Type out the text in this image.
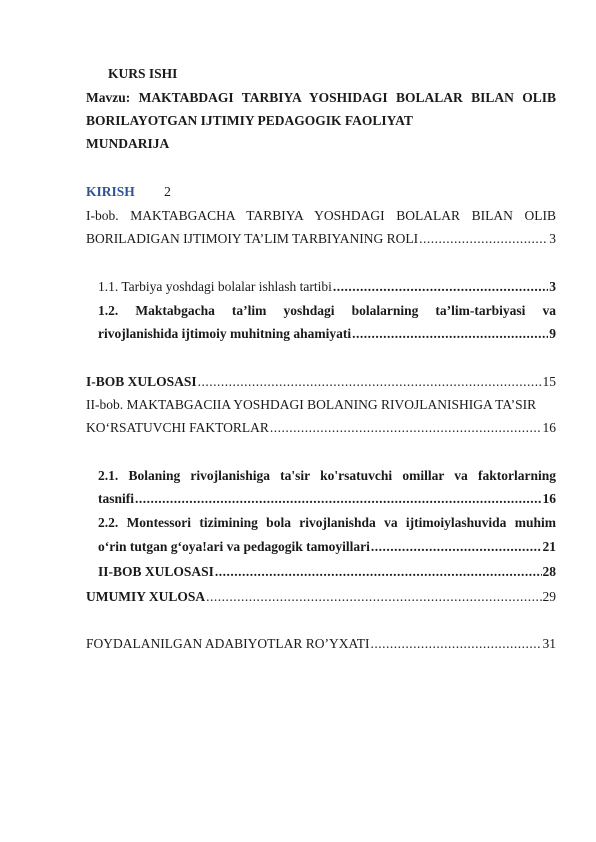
KURS ISHI
Mavzu: MAKTABDAGI TARBIYA YOSHIDAGI BOLALAR BILAN OLIB
BORILAYOTGAN IJTIMIY PEDAGOGIK FAOLIYAT
MUNDARIJA
KIRISH 2
I-bob. MAKTABGACHA TARBIYA YOSHDAGI BOLALAR BILAN OLIB
BORILADIGAN IJTIMOIY TA’LIM TARBIYANING ROLI .....	3
1.1. Tarbiya yoshdagi bolalar ishlash tartibi .....	3
1.2. Maktabgacha ta’lim yoshdagi bolalarning ta’lim-tarbiyasi va
rivojlanishida ijtimoiy muhitning ahamiyati .....	9
I-BOB XULOSASI .....	15
II-bob. MAKTABGACIIA YOSHDAGI BOLANING RIVOJLANISHIGA TA’SIR
KO‘RSATUVCHI FAKTORLAR .....	16
2.1. Bolaning rivojlanishiga ta'sir ko'rsatuvchi omillar va faktorlarning
tasnifi .....	16
2.2. Montessori tizimining bola rivojlanishda va ijtimoiylashuvida muhim
o‘rin tutgan g‘oya!ari va pedagogik tamoyillari .....	21
II-BOB XULOSASI .....	28
UMUMIY XULOSA .....	29
FOYDALANILGAN ADABIYOTLAR RO’YXATI .....	31
